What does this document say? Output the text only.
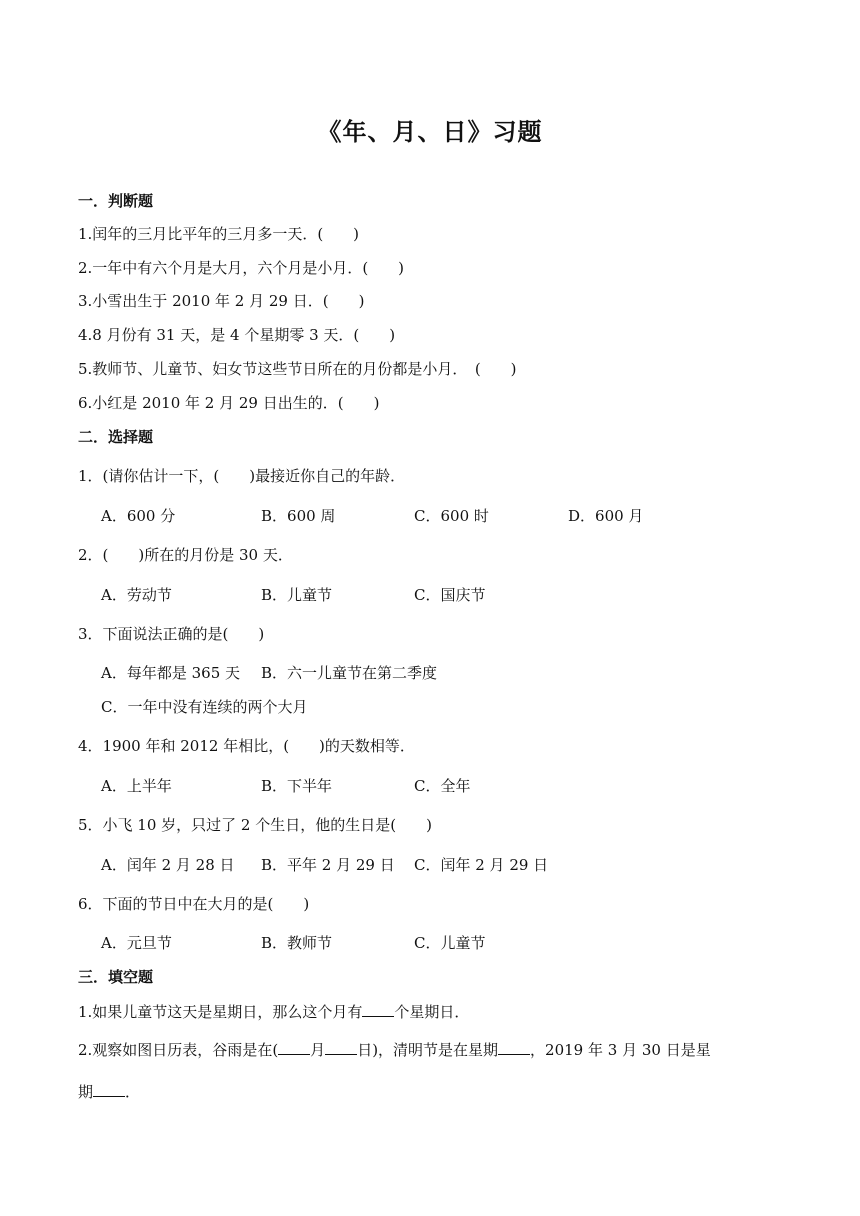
《年、月、日》习题
一．判断题
1.闰年的三月比平年的三月多一天．(　　)
2.一年中有六个月是大月，六个月是小月．(　　)
3.小雪出生于 2010 年 2 月 29 日．(　　)
4.8 月份有 31 天，是 4 个星期零 3 天．(　　)
5.教师节、儿童节、妇女节这些节日所在的月份都是小月．　(　　)
6.小红是 2010 年 2 月 29 日出生的．(　　)
二．选择题
1．(请你估计一下，(　　)最接近你自己的年龄．
A．600 分	B．600 周	C．600 时	D．600 月
2．(　　)所在的月份是 30 天．
A．劳动节	B．儿童节	C．国庆节
3．下面说法正确的是(　　)
A．每年都是 365 天 B．六一儿童节在第二季度
C．一年中没有连续的两个大月
4．1900 年和 2012 年相比，(　　)的天数相等．
A．上半年	B．下半年	C．全年
5．小飞 10 岁，只过了 2 个生日，他的生日是(　　)
A．闰年 2 月 28 日 B．平年 2 月 29 日 C．闰年 2 月 29 日
6．下面的节日中在大月的是(　　)
A．元旦节	B．教师节	C．儿童节
三．填空题
1.如果儿童节这天是星期日，那么这个月有 个星期日．
2.观察如图日历表，谷雨是在( 月 日)，清明节是在星期 ，2019 年 3 月 30 日是星
期 ．
